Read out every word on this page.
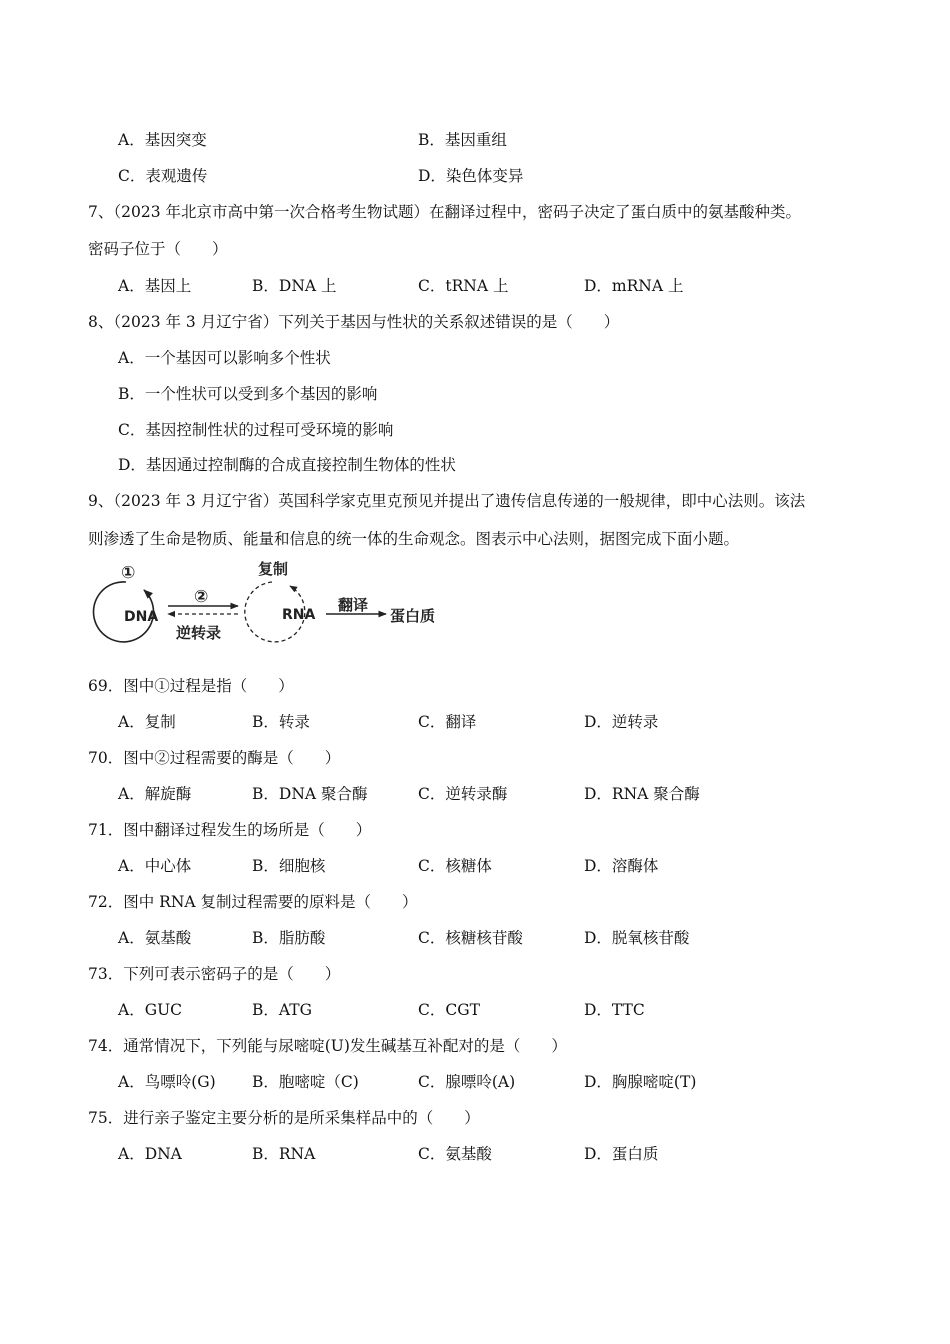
A．基因突变	B．基因重组
C．表观遗传	D．染色体变异
7、（2023 年北京市高中第一次合格考生物试题）在翻译过程中，密码子决定了蛋白质中的氨基酸种类。
密码子位于（　　）
A．基因上	B．DNA 上	C．tRNA 上	D．mRNA 上
8、（2023 年 3 月辽宁省）下列关于基因与性状的关系叙述错误的是（　　）
A．一个基因可以影响多个性状
B．一个性状可以受到多个基因的影响
C．基因控制性状的过程可受环境的影响
D．基因通过控制酶的合成直接控制生物体的性状
9、（2023 年 3 月辽宁省）英国科学家克里克预见并提出了遗传信息传递的一般规律，即中心法则。该法
则渗透了生命是物质、能量和信息的统一体的生命观念。图表示中心法则，据图完成下面小题。
①
DNA
②
逆转录
复制
RNA
翻译
蛋白质
69．图中①过程是指（　　）
A．复制	B．转录	C．翻译	D．逆转录
70．图中②过程需要的酶是（　　）
A．解旋酶	B．DNA 聚合酶	C．逆转录酶	D．RNA 聚合酶
71．图中翻译过程发生的场所是（　　）
A．中心体	B．细胞核	C．核糖体	D．溶酶体
72．图中 RNA 复制过程需要的原料是（　　）
A．氨基酸	B．脂肪酸	C．核糖核苷酸	D．脱氧核苷酸
73．下列可表示密码子的是（　　）
A．GUC	B．ATG	C．CGT	D．TTC
74．通常情况下，下列能与尿嘧啶(U)发生碱基互补配对的是（　　）
A．鸟嘌呤(G) B．胞嘧啶（C)	C．腺嘌呤(A)	D．胸腺嘧啶(T)
75．进行亲子鉴定主要分析的是所采集样品中的（　　）
A．DNA	B．RNA	C．氨基酸	D．蛋白质
